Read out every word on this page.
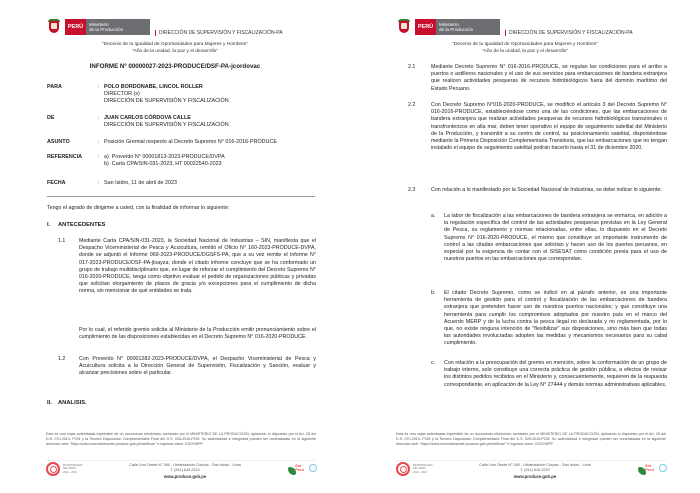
PERÚ	Ministerio
de la Producción
DIRECCIÓN DE SUPERVISIÓN Y FISCALIZACIÓN-PA
"Decenio de la Igualdad de Oportunidades para Mujeres y Hombres"
"Año de la unidad, la paz y el desarrollo"
INFORME Nº 00000027-2023-PRODUCE/DSF-PA-jcordovac
PARA	: POLO BORDONABE, LINCOL ROLLER
DIRECTOR (s)
DIRECCIÓN DE SUPERVISIÓN Y FISCALIZACIÓN
DE	: JUAN CARLOS CÓRDOVA CALLE
DIRECCIÓN DE SUPERVISIÓN Y FISCALIZACIÓN
ASUNTO	: Posición Gremial respecto al Decreto Supremo N° 016-2016-PRODUCE
REFERENCIA	: a) Proveído N° 00001813-2023-PRODUCE/DVPA
b) Carta CPA/SIN-031-2023, HT 00022540-2023
FECHA	: San Isidro, 11 de abril de 2023
Tengo el agrado de dirigirme a usted, con la finalidad de informar lo siguiente:
I. ANTECEDENTES
1.1	Mediante Carta CPA/SIN-031-2023, la Sociedad Nacional de Industrias – SIN, manifiesta que el Despacho Viceministerial de Pesca y Acuicultura, remitió el Oficio N° 160-2023-PRODUCE-DVPA, donde se adjuntó el Informe 069-2023-PRODUCE/DGSFS-PA, que a su vez remite el Informe N° 017-2023-PRODUCE/DSF-PA-jloayza; donde el citado informe concluye que se ha conformado un grupo de trabajo multidisciplinario que, en lugar de reforzar el cumplimiento del Decreto Supremo N° 016-2020-PRODUCE, tenga como objetivo evaluar el pedido de organizaciones públicas y privadas que solicitan otorgamiento de plazos de gracia y/o excepciones para el cumplimiento de dicha norma, sin mencionar de qué entidades se trata.
Por lo cual, el referido gremio solicita al Ministerio de la Producción emitir pronunciamiento sobre el cumplimiento de las disposiciones establecidas en el Decreto Supremo N° 016-2020-PRODUCE.
1.2	Con Proveído N° 00001282-2023-PRODUCE/DVPA, el Despacho Viceministerial de Pesca y Acuicultura solicita a la Dirección General de Supervisión, Fiscalización y Sanción, evaluar y alcanzar precisiones sobre el particular.
II. ANALISIS.
Esta es una copia autenticada imprimible de un documento electrónico archivado por el MINISTERIO DE LA PRODUCCIÓN, aplicando lo dispuesto por el Art. 25 del D.S. 070-2013- PCM y la Tercera Disposición Complementaria Final del D.S. 026-2016-PCM. Su autenticidad e integridad pueden ser contrastadas en la siguiente dirección web: "https://edocumentostramite.produce.gob.pe/verificar/" e ingresar clave: VJIOYMPP
BICENTENARIO
DEL PERÚ
2021 - 2024
Calle Uno Oeste N° 060 - Urbanización Córpac - San Isidro - Lima
T. (511) 616 2222
www.produce.gob.pe
Sin
Perú
PERÚ	Ministerio
de la Producción
DIRECCIÓN DE SUPERVISIÓN Y FISCALIZACIÓN-PA
"Decenio de la Igualdad de Oportunidades para Mujeres y Hombres"
"Año de la unidad, la paz y el desarrollo"
2.1	Mediante Decreto Supremo N° 016-2016-PRODUCE, se regulan las condiciones para el arribo a puertos o astilleros nacionales y el uso de sus servicios para embarcaciones de bandera extranjera que realicen actividades pesqueras de recursos hidrobiológicos fuera del dominio marítimo del Estado Peruano.
2.2	Con Decreto Supremo N°016-2020-PRODUCE, se modificó el artículo 3 del Decreto Supremo N° 016-2016-PRODUCE, estableciéndose como una de las condiciones, que las embarcaciones de bandera extranjera que realizan actividades pesqueras de recursos hidrobiológicos transzonales o transfronterizos en alta mar, deben tener operativo el equipo de seguimiento satelital del Ministerio de la Producción, y transmitir a su centro de control, su posicionamiento satelital, disponiéndose mediante la Primera Disposición Complementaria Transitoria, que las embarcaciones que no tengan instalado el equipo de seguimiento satelital podrán hacerlo hasta el 31 de diciembre 2020.
2.3	Con relación a lo manifestado por la Sociedad Nacional de Industrias, se debe indicar lo siguiente:
a. La labor de fiscalización a las embarcaciones de bandera extranjera se enmarca, en adición a la regulación específica del control de las actividades pesqueras previstas en la Ley General de Pesca, su reglamento y normas relacionadas, entre ellas, lo dispuesto en el Decreto Supremo N° 016-2020-PRODUCE, el mismo que constituye un importante instrumento de control a las citadas embarcaciones que solicitan y hacen uso de los puertos peruanos, en especial por la exigencia de contar con el SISESAT como condición previa para el uso de nuestros puertos en las embarcaciones que correspondan.
b. El citado Decreto Supremo, como se indicó en al párrafo anterior, es una importante herramienta de gestión para el control y fiscalización de las embarcaciones de bandera extranjera que pretenden hacer uso de nuestros puertos nacionales; y que constituye una herramienta para cumplir los compromisos adoptados por nuestro país en el marco del Acuerdo MERP y de la lucha contra la pesca ilegal no declarada y no reglamentada, por lo que, no existe ninguna intención de "flexibilizar" sus disposiciones, sino más bien que todas las autoridades involucradas adopten las medidas y mecanismos necesarios para su cabal cumplimiento.
c. Con relación a la preocupación del gremio en mención, sobre la conformación de un grupo de trabajo interno, solo constituye una correcta práctica de gestión pública, a efectos de revisar los distintos pedidos recibidos en el Ministerio y, consecuentemente, requieren de la respuesta correspondiente, en aplicación de la Ley N° 27444 y demás normas administrativas aplicables.
Esta es una copia autenticada imprimible de un documento electrónico archivado por el MINISTERIO DE LA PRODUCCIÓN, aplicando lo dispuesto por el Art. 25 del D.S. 070-2013- PCM y la Tercera Disposición Complementaria Final del D.S. 026-2016-PCM. Su autenticidad e integridad pueden ser contrastadas en la siguiente dirección web: "https://edocumentostramite.produce.gob.pe/verificar/" e ingresar clave: VJIOYMPP
BICENTENARIO
DEL PERÚ
2021 - 2024
Calle Uno Oeste N° 060 - Urbanización Córpac - San Isidro - Lima
T. (511) 616 2222
www.produce.gob.pe
Sin
Perú
